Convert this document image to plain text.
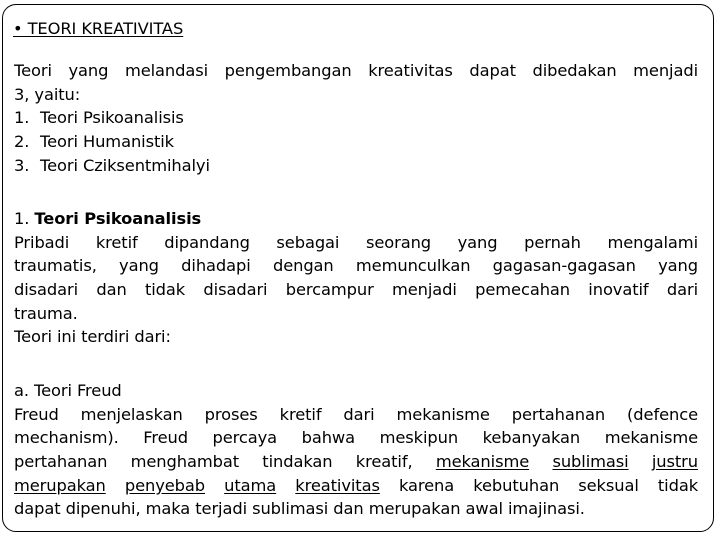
• TEORI KREATIVITAS
Teori yang melandasi pengembangan kreativitas dapat dibedakan menjadi
3, yaitu:
1. Teori Psikoanalisis
2. Teori Humanistik
3. Teori Cziksentmihalyi
1. Teori Psikoanalisis
Pribadi kretif dipandang sebagai seorang yang pernah mengalami
traumatis, yang dihadapi dengan memunculkan gagasan-gagasan yang
disadari dan tidak disadari bercampur menjadi pemecahan inovatif dari
trauma.
Teori ini terdiri dari:
a. Teori Freud
Freud menjelaskan proses kretif dari mekanisme pertahanan (defence
mechanism). Freud percaya bahwa meskipun kebanyakan mekanisme
pertahanan menghambat tindakan kreatif, mekanisme sublimasi justru
merupakan penyebab utama kreativitas karena kebutuhan seksual tidak
dapat dipenuhi, maka terjadi sublimasi dan merupakan awal imajinasi.
